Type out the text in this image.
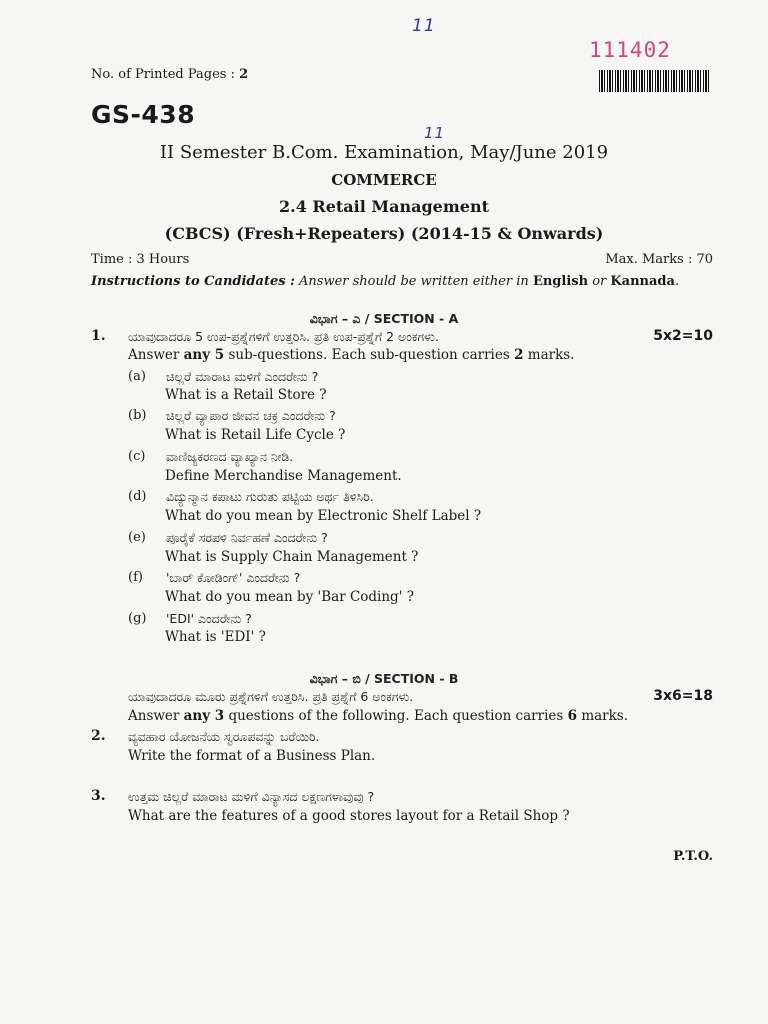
11
111402
No. of Printed Pages : 2
GS-438
11
II Semester B.Com. Examination, May/June 2019
COMMERCE
2.4 Retail Management
(CBCS) (Fresh+Repeaters) (2014-15 & Onwards)
Time : 3 Hours	Max. Marks : 70
Instructions to Candidates : Answer should be written either in English or Kannada.
ವಿಭಾಗ – ಎ / SECTION - A
1. ಯಾವುದಾದರೂ 5 ಉಪ-ಪ್ರಶ್ನೆಗಳಿಗೆ ಉತ್ತರಿಸಿ. ಪ್ರತಿ ಉಪ-ಪ್ರಶ್ನೆಗೆ 2 ಅಂಕಗಳು.	5x2=10
Answer any 5 sub-questions. Each sub-question carries 2 marks.
(a) ಚಿಲ್ಲರೆ ಮಾರಾಟ ಮಳಿಗೆ ಎಂದರೇನು ?
What is a Retail Store ?
(b) ಚಿಲ್ಲರೆ ವ್ಯಾಪಾರ ಜೀವನ ಚಕ್ರ ಎಂದರೇನು ?
What is Retail Life Cycle ?
(c) ವಾಣಿಜ್ಯಕರಣದ ವ್ಯಾಖ್ಯಾನ ನೀಡಿ.
Define Merchandise Management.
(d) ವಿದ್ಯುನ್ಮಾನ ಕಪಾಟು ಗುರುತು ಪಟ್ಟಿಯ ಅರ್ಥ ತಿಳಿಸಿರಿ.
What do you mean by Electronic Shelf Label ?
(e) ಪೂರೈಕೆ ಸರಪಳಿ ನಿರ್ವಹಣೆ ಎಂದರೇನು ?
What is Supply Chain Management ?
(f) 'ಬಾರ್ ಕೋಡಿಂಗ್' ಎಂದರೇನು ?
What do you mean by 'Bar Coding' ?
(g) 'EDI' ಎಂದರೇನು ?
What is 'EDI' ?
ವಿಭಾಗ – ಬಿ / SECTION - B
ಯಾವುದಾದರೂ ಮೂರು ಪ್ರಶ್ನೆಗಳಿಗೆ ಉತ್ತರಿಸಿ. ಪ್ರತಿ ಪ್ರಶ್ನೆಗೆ 6 ಅಂಕಗಳು.	3x6=18
Answer any 3 questions of the following. Each question carries 6 marks.
2. ವ್ಯವಹಾರ ಯೋಜನೆಯ ಸ್ವರೂಪವನ್ನು ಬರೆಯಿರಿ.
Write the format of a Business Plan.
3. ಉತ್ತಮ ಚಿಲ್ಲರೆ ಮಾರಾಟ ಮಳಿಗೆ ವಿನ್ಯಾಸದ ಲಕ್ಷಣಗಳಾವುವು ?
What are the features of a good stores layout for a Retail Shop ?
P.T.O.
